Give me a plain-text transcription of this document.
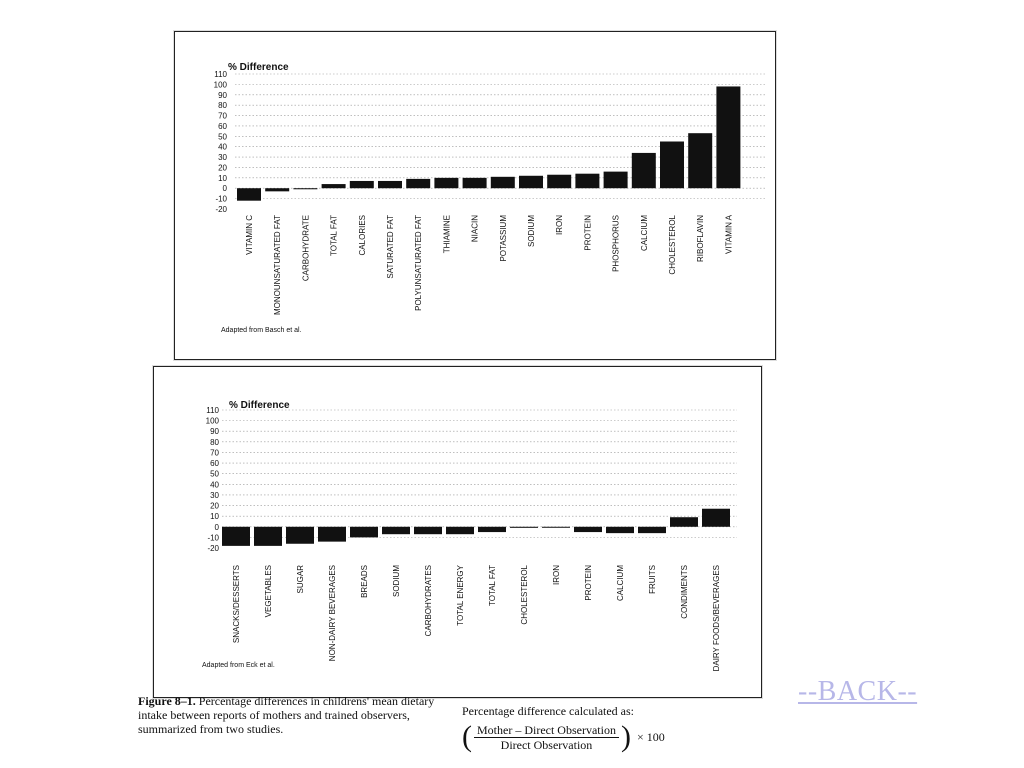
% Difference
110
100
90
80
70
60
50
40
30
20
10
0
-10
-20
VITAMIN C MONOUNSATURATED FAT CARBOHYDRATE TOTAL FAT CALORIES SATURATED FAT POLYUNSATURATED FAT THIAMINE NIACIN POTASSIUM SODIUM IRON PROTEIN PHOSPHORUS CALCIUM CHOLESTEROL RIBOFLAVIN VITAMIN A
Adapted from Basch et al.
% Difference
110
100
90
80
70
60
50
40
30
20
10
0
-10
-20
SNACKS/DESSERTS	VEGETABLES	SUGAR	NON-DAIRY BEVERAGES	BREADS	SODIUM	CARBOHYDRATES	TOTAL ENERGY	TOTAL FAT	CHOLESTEROL	IRON	PROTEIN	CALCIUM	FRUITS	CONDIMENTS	DAIRY FOODS/BEVERAGES
Adapted from Eck et al.
Figure 8–1. Percentage differences in childrens' mean dietary intake between reports of mothers and trained observers, summarized from two studies.
Percentage difference calculated as:
( $\frac{\text{Mother – Direct Observation}}{\text{Direct Observation}}$ ) × 100
--BACK--
